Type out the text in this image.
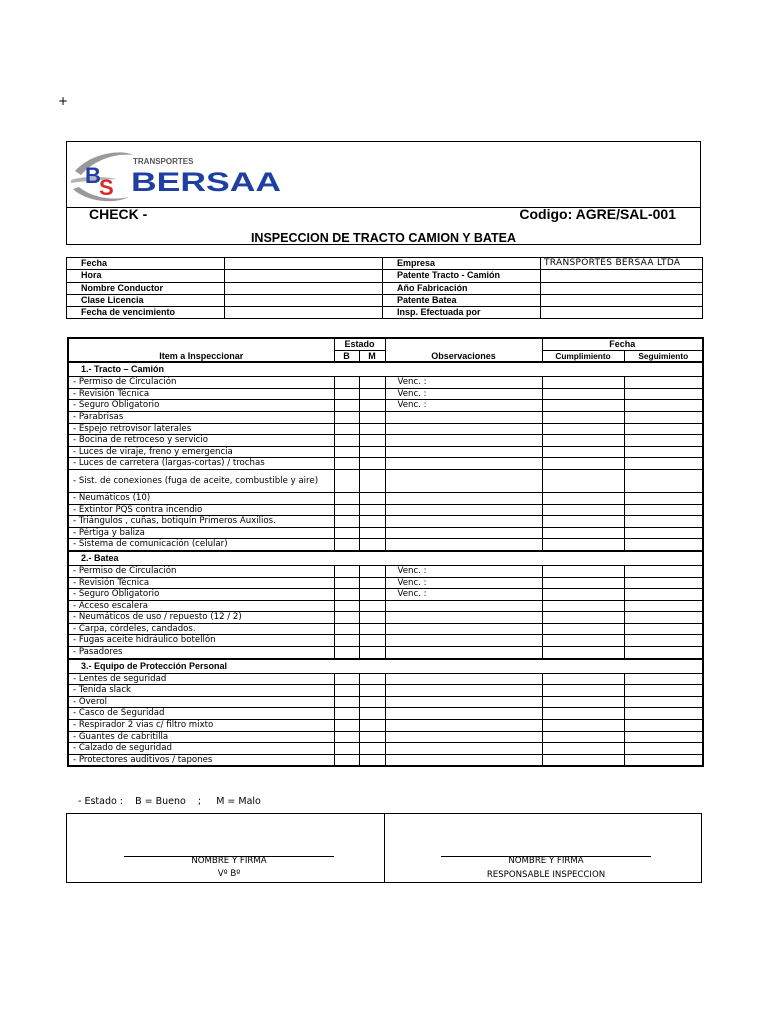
+
B
S
TRANSPORTES
BERSAA
CHECK -	Codigo: AGRE/SAL-001
INSPECCION DE TRACTO CAMION Y BATEA
Fecha		Empresa	TRANSPORTES BERSAA LTDA
Hora		Patente Tracto - Camión	
Nombre Conductor		Año Fabricación	
Clase Licencia		Patente Batea	
Fecha de vencimiento		Insp. Efectuada por	
Item a Inspeccionar	Estado		Observaciones	Fecha	
	B	M		Cumplimiento	Seguimiento
1.- Tracto – Camión					
- Permiso de Circulación			Venc. :		
- Revisión Técnica			Venc. :		
- Seguro Obligatorio			Venc. :		
- Parabrisas					
- Espejo retrovisor laterales					
- Bocina de retroceso y servicio					
- Luces de viraje, freno y emergencia					
- Luces de carretera (largas-cortas) / trochas					
- Sist. de conexiones (fuga de aceite, combustible y aire)					
- Neumáticos (10)					
- Extintor PQS contra incendio					
- Triángulos , cuñas, botiquín Primeros Auxilios.					
- Pértiga y baliza					
- Sistema de comunicación (celular)					
2.- Batea					
- Permiso de Circulación			Venc. :		
- Revisión Técnica			Venc. :		
- Seguro Obligatorio			Venc. :		
- Acceso escalera					
- Neumáticos de uso / repuesto (12 / 2)					
- Carpa, córdeles, candados.					
- Fugas aceite hidráulico botellón					
- Pasadores					
3.- Equipo de Protección Personal					
- Lentes de seguridad					
- Tenida slack					
- Overol					
- Casco de Seguridad					
- Respirador 2 vias c/ filtro mixto					
- Guantes de cabritilla					
- Calzado de seguridad					
- Protectores auditivos / tapones					
- Estado :    B = Bueno    ;     M = Malo
NOMBRE Y FIRMA
Vº Bº
NOMBRE Y FIRMA
RESPONSABLE INSPECCION
